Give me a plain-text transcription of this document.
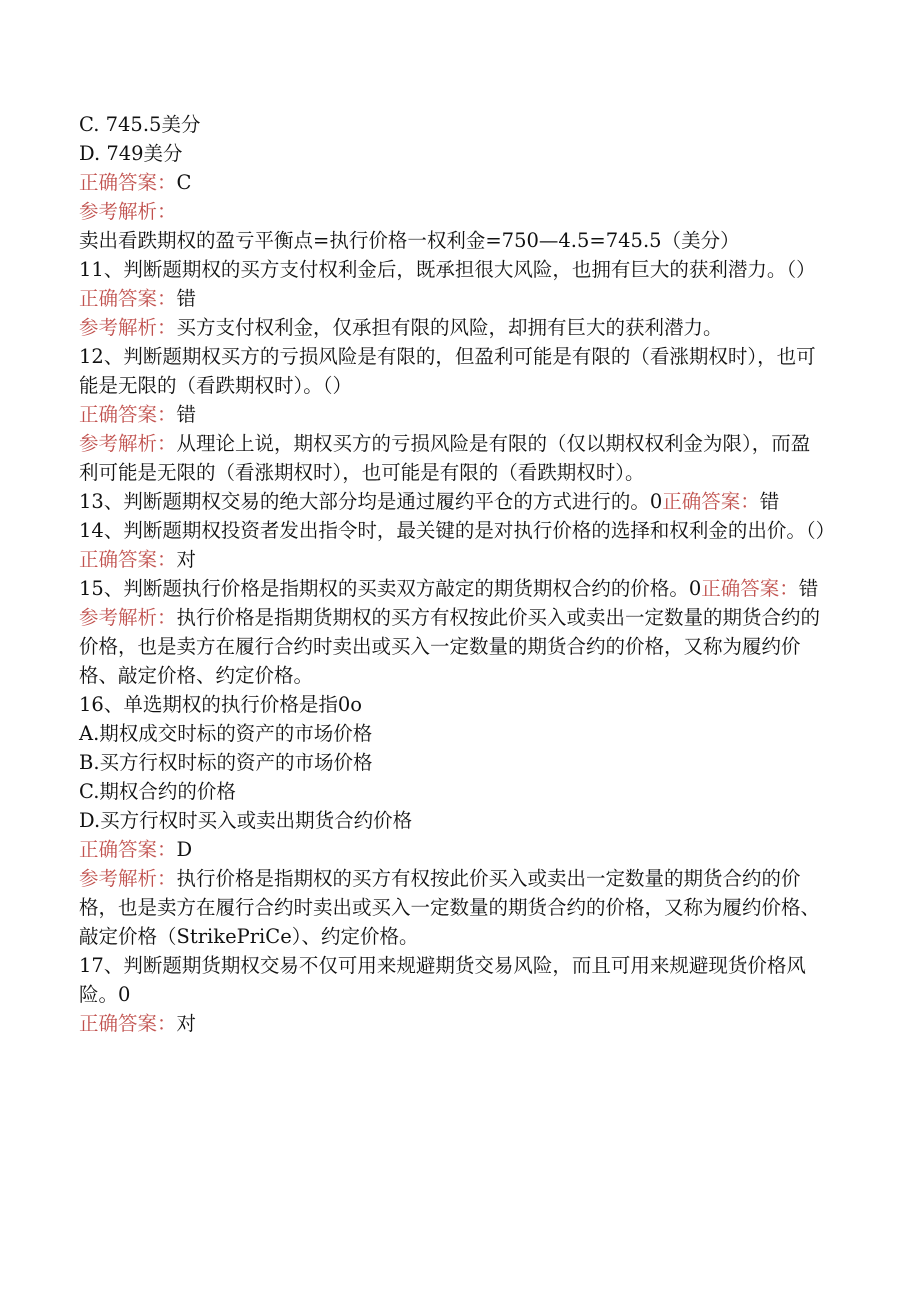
C. 745.5美分
D. 749美分
正确答案：C
参考解析：卖出看跌期权的盈亏平衡点=执行价格一权利金=750—4.5=745.5（美分）
11、判断题期权的买方支付权利金后，既承担很大风险，也拥有巨大的获利潜力。（）
正确答案：错
参考解析：买方支付权利金，仅承担有限的风险，却拥有巨大的获利潜力。
12、判断题期权买方的亏损风险是有限的，但盈利可能是有限的（看涨期权时），也可能是无限的（看跌期权时）。（）
正确答案：错
参考解析：从理论上说，期权买方的亏损风险是有限的（仅以期权权利金为限），而盈利可能是无限的（看涨期权时），也可能是有限的（看跌期权时）。
13、判断题期权交易的绝大部分均是通过履约平仓的方式进行的。0正确答案：错
14、判断题期权投资者发出指令时，最关键的是对执行价格的选择和权利金的出价。（）
正确答案：对
15、判断题执行价格是指期权的买卖双方敲定的期货期权合约的价格。0正确答案：错
参考解析：执行价格是指期货期权的买方有权按此价买入或卖出一定数量的期货合约的价格，也是卖方在履行合约时卖出或买入一定数量的期货合约的价格，又称为履约价格、敲定价格、约定价格。
16、单选期权的执行价格是指0o
A.期权成交时标的资产的市场价格
B.买方行权时标的资产的市场价格
C.期权合约的价格
D.买方行权时买入或卖出期货合约价格
正确答案：D
参考解析：执行价格是指期权的买方有权按此价买入或卖出一定数量的期货合约的价格，也是卖方在履行合约时卖出或买入一定数量的期货合约的价格，又称为履约价格、敲定价格（StrikePriCe）、约定价格。
17、判断题期货期权交易不仅可用来规避期货交易风险，而且可用来规避现货价格风险。0
正确答案：对
